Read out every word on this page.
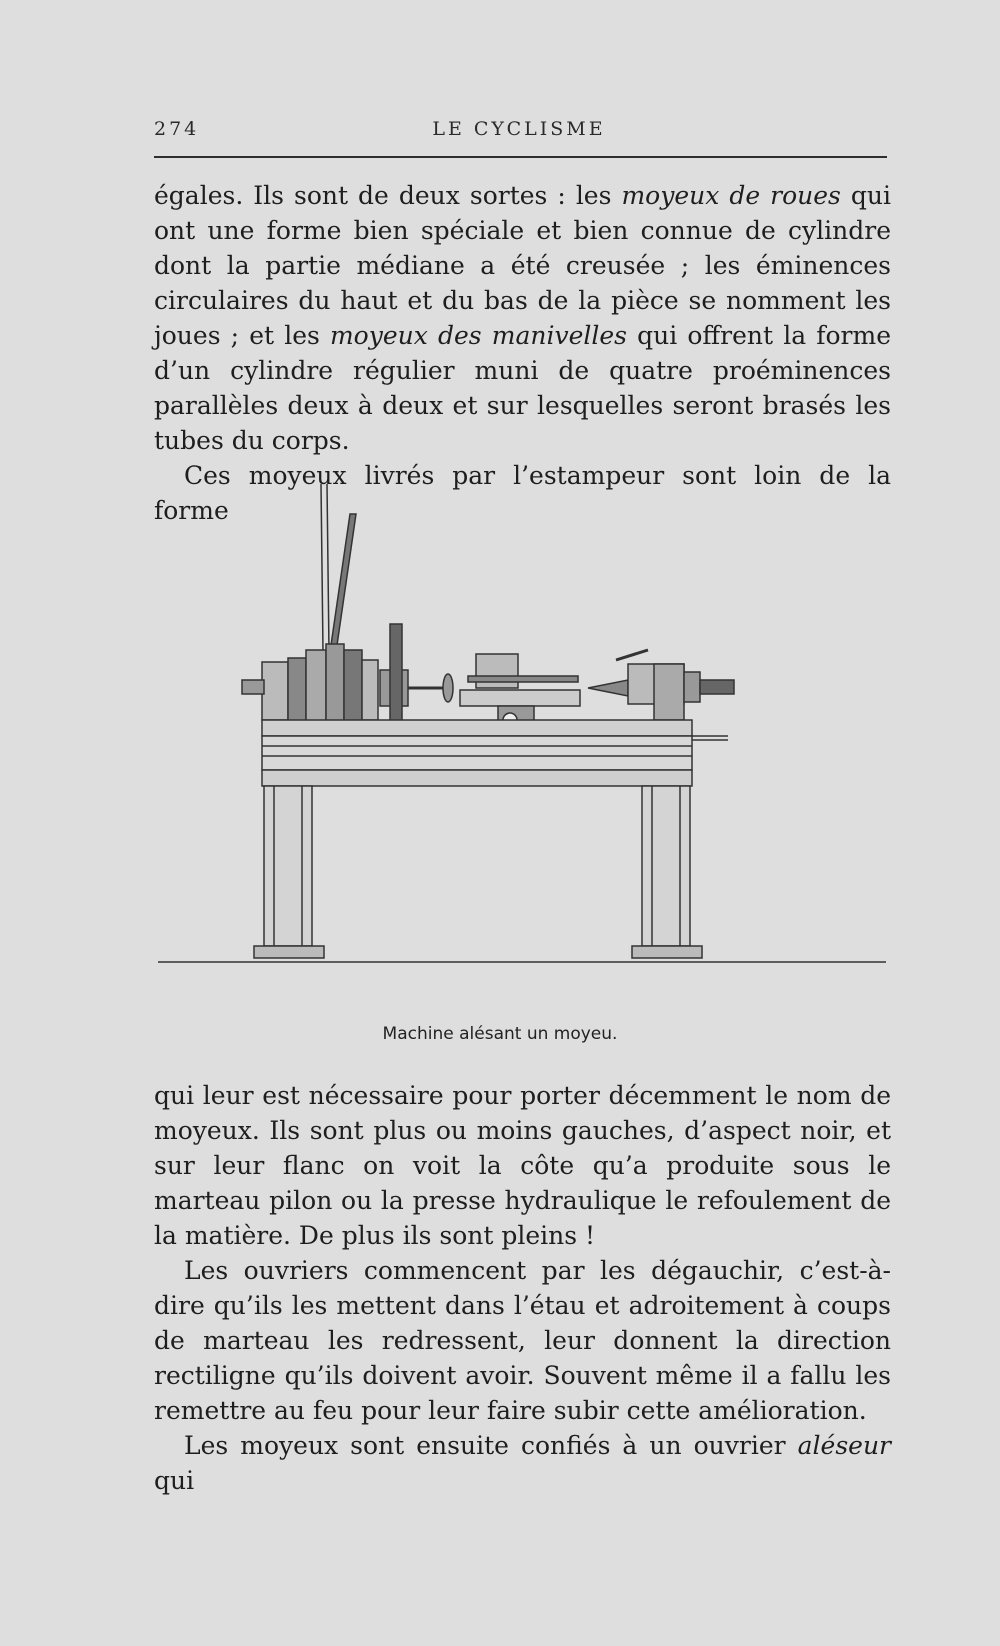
274	LE CYCLISME

égales. Ils sont de deux sortes : les moyeux de roues qui ont une forme bien spéciale et bien connue de cylindre dont la partie médiane a été creusée ; les éminences circulaires du haut et du bas de la pièce se nomment les joues ; et les moyeux des manivelles qui offrent la forme d’un cylindre régulier muni de quatre proéminences parallèles deux à deux et sur lesquelles seront brasés les tubes du corps.

Ces moyeux livrés par l’estampeur sont loin de la forme

Machine alésant un moyeu.

qui leur est nécessaire pour porter décemment le nom de moyeux. Ils sont plus ou moins gauches, d’aspect noir, et sur leur flanc on voit la côte qu’a produite sous le marteau pilon ou la presse hydraulique le refoulement de la matière. De plus ils sont pleins !

Les ouvriers commencent par les dégauchir, c’est-à-dire qu’ils les mettent dans l’étau et adroitement à coups de marteau les redressent, leur donnent la direction rectiligne qu’ils doivent avoir. Souvent même il a fallu les remettre au feu pour leur faire subir cette amélioration.

Les moyeux sont ensuite confiés à un ouvrier aléseur qui
